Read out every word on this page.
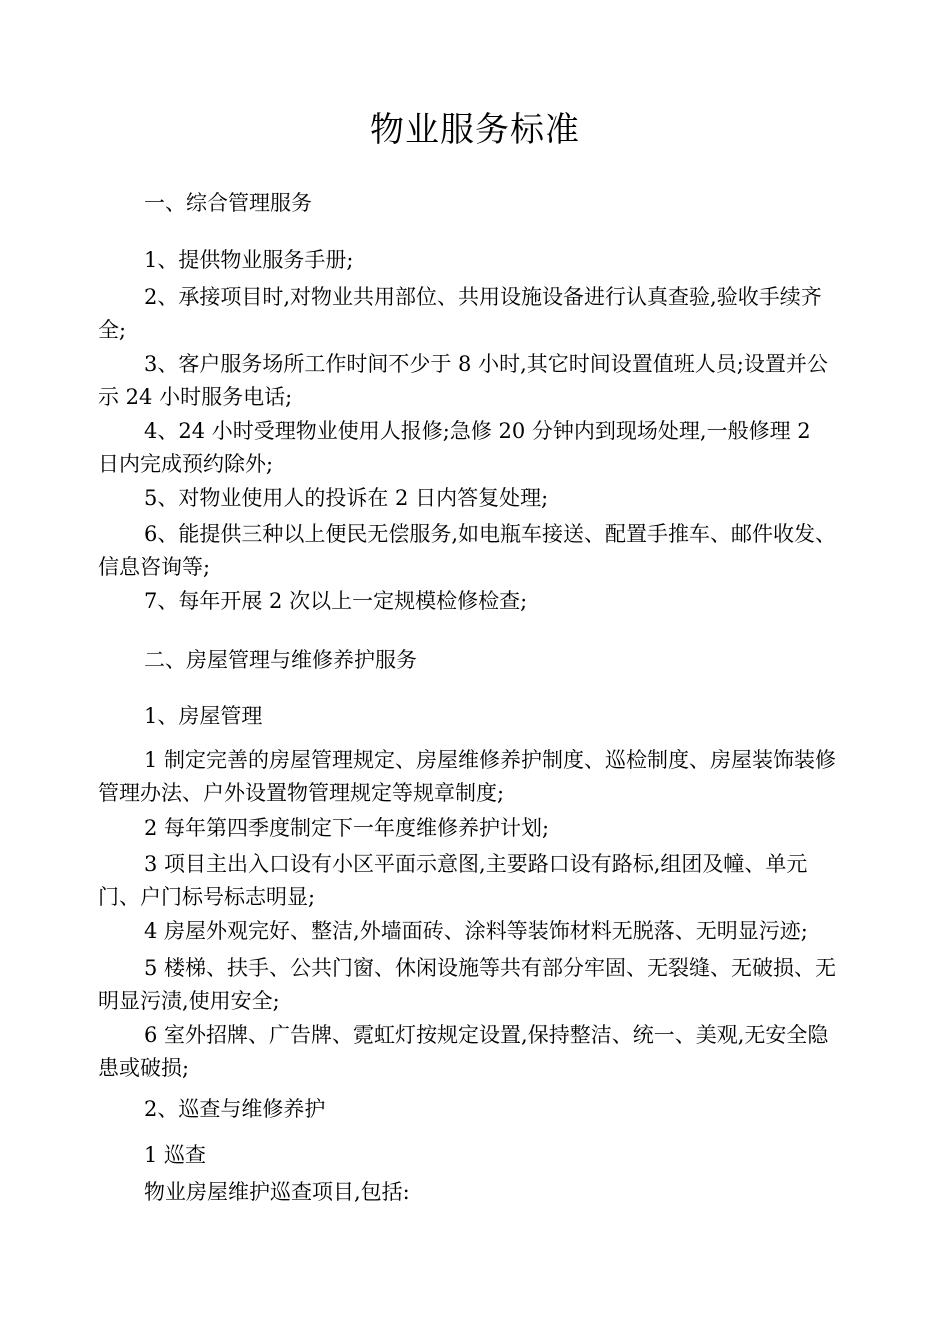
物业服务标准
一、综合管理服务
1、提供物业服务手册;
2、承接项目时,对物业共用部位、共用设施设备进行认真查验,验收手续齐全;
3、客户服务场所工作时间不少于 8 小时,其它时间设置值班人员;设置并公示 24 小时服务电话;
4、24 小时受理物业使用人报修;急修 20 分钟内到现场处理,一般修理 2 日内完成预约除外;
5、对物业使用人的投诉在 2 日内答复处理;
6、能提供三种以上便民无偿服务,如电瓶车接送、配置手推车、邮件收发、信息咨询等;
7、每年开展 2 次以上一定规模检修检查;
二、房屋管理与维修养护服务
1、房屋管理
1 制定完善的房屋管理规定、房屋维修养护制度、巡检制度、房屋装饰装修管理办法、户外设置物管理规定等规章制度;
2 每年第四季度制定下一年度维修养护计划;
3 项目主出入口设有小区平面示意图,主要路口设有路标,组团及幢、单元门、户门标号标志明显;
4 房屋外观完好、整洁,外墙面砖、涂料等装饰材料无脱落、无明显污迹;
5 楼梯、扶手、公共门窗、休闲设施等共有部分牢固、无裂缝、无破损、无明显污渍,使用安全;
6 室外招牌、广告牌、霓虹灯按规定设置,保持整洁、统一、美观,无安全隐患或破损;
2、巡查与维修养护
1 巡查
物业房屋维护巡查项目,包括:
